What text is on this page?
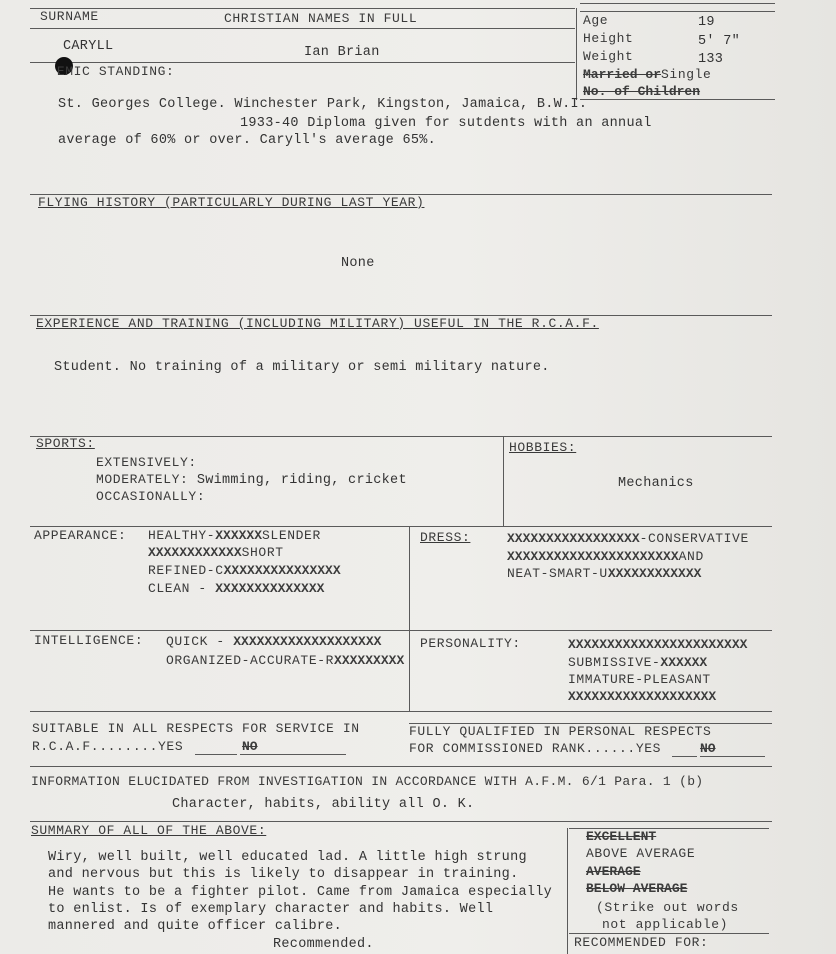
SURNAME	CHRISTIAN NAMES IN FULL
CARYLL	Ian Brian
Age	19
Height	5' 7"
Weight	133
Married orSingle
No. of Children
EMIC STANDING:
St. Georges College. Winchester Park, Kingston, Jamaica, B.W.I.
1933-40 Diploma given for sutdents with an annual
average of 60% or over. Caryll's average 65%.
FLYING HISTORY (PARTICULARLY DURING LAST YEAR)
None
EXPERIENCE AND TRAINING (INCLUDING MILITARY) USEFUL IN THE R.C.A.F.
Student. No training of a military or semi military nature.
SPORTS:
EXTENSIVELY:
MODERATELY: Swimming, riding, cricket
OCCASIONALLY:
HOBBIES:
Mechanics
APPEARANCE: HEALTHY-XXXXXXSLENDER
XXXXXXXXXXXXSHORT
REFINED-CXXXXXXXXXXXXXXX
CLEAN - XXXXXXXXXXXXXX
DRESS:	XXXXXXXXXXXXXXXXX-CONSERVATIVE
XXXXXXXXXXXXXXXXXXXXXXAND
NEAT-SMART-UXXXXXXXXXXXX
INTELLIGENCE: QUICK - XXXXXXXXXXXXXXXXXXX
ORGANIZED-ACCURATE-RXXXXXXXXX
PERSONALITY:	XXXXXXXXXXXXXXXXXXXXXXX
SUBMISSIVE-XXXXXX
IMMATURE-PLEASANT
XXXXXXXXXXXXXXXXXXX
SUITABLE IN ALL RESPECTS FOR SERVICE IN
R.C.A.F........YES	NO
FULLY QUALIFIED IN PERSONAL RESPECTS
FOR COMMISSIONED RANK......YES	NO
INFORMATION ELUCIDATED FROM INVESTIGATION IN ACCORDANCE WITH A.F.M. 6/1 Para. 1 (b)
Character, habits, ability all O. K.
SUMMARY OF ALL OF THE ABOVE:
Wiry, well built, well educated lad. A little high strung
and nervous but this is likely to disappear in training.
He wants to be a fighter pilot. Came from Jamaica especially
to enlist. Is of exemplary character and habits. Well
mannered and quite officer calibre.
Recommended.
EXCELLENT
ABOVE AVERAGE
AVERAGE
BELOW AVERAGE
(Strike out words
not applicable)
RECOMMENDED FOR:
